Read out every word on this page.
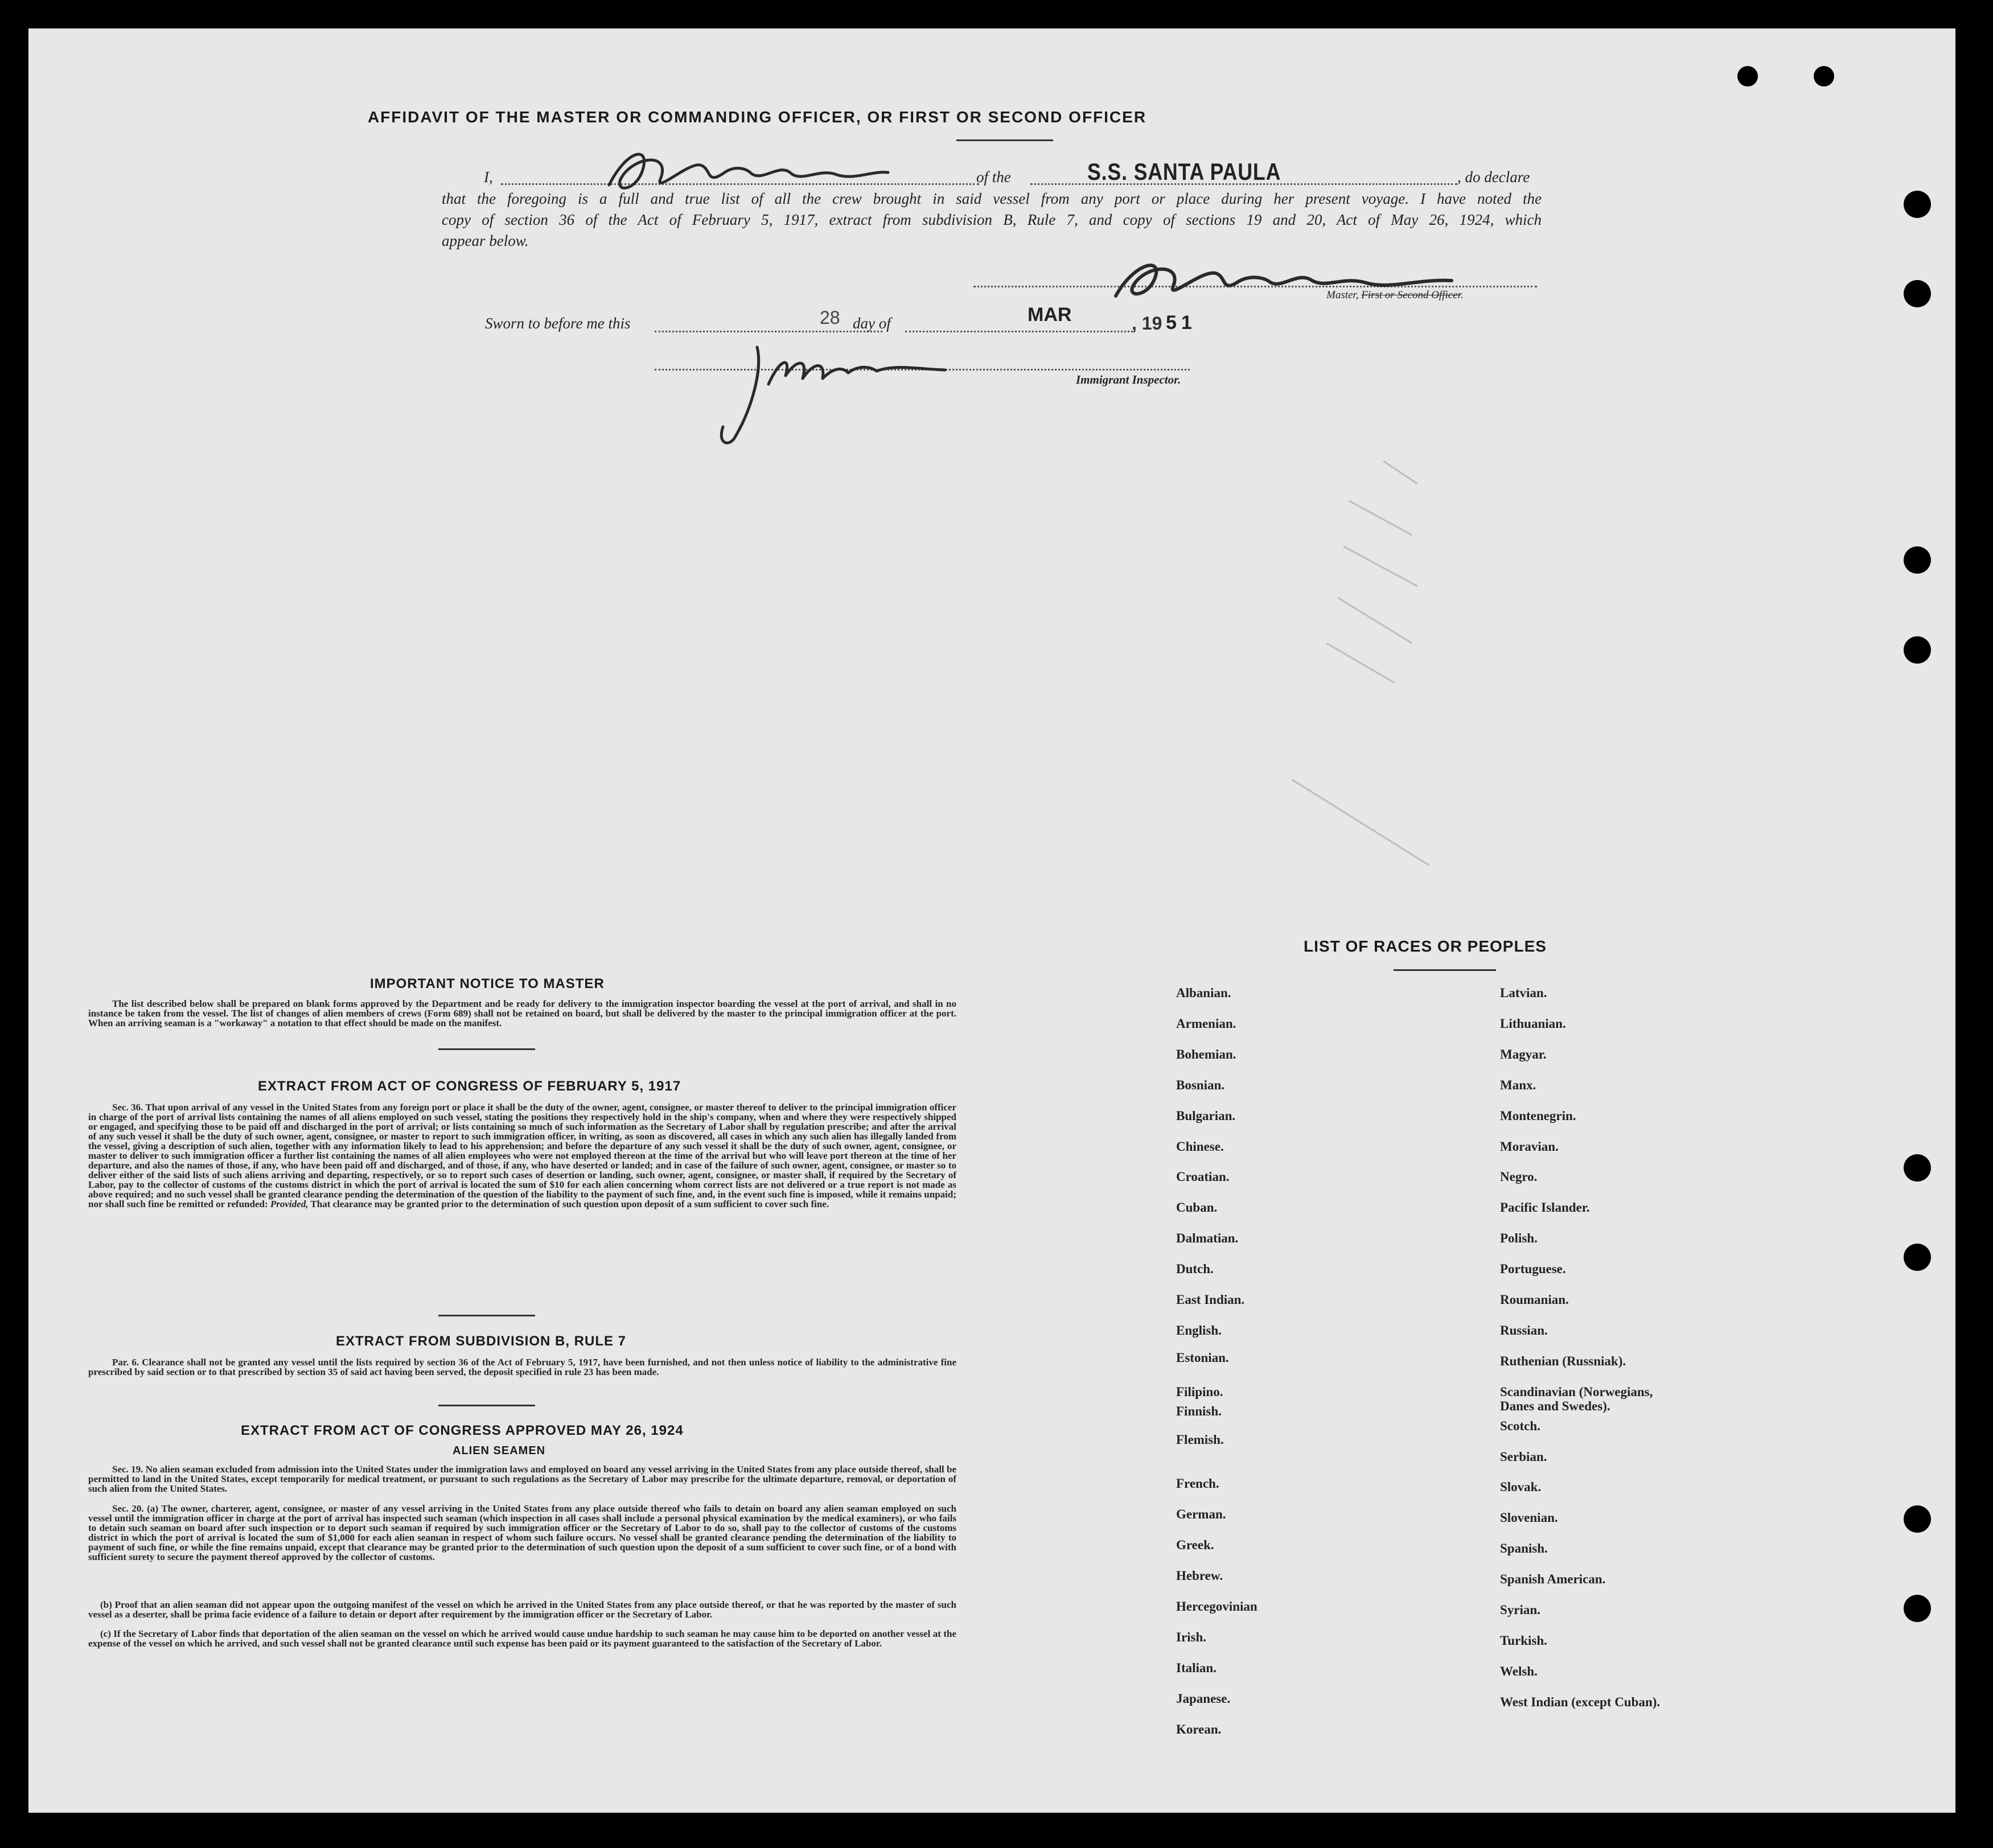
AFFIDAVIT OF THE MASTER OR COMMANDING OFFICER, OR FIRST OR SECOND OFFICER
I,	of the	S.S. SANTA PAULA	, do declare
that the foregoing is a full and true list of all the crew brought in said vessel from any port or place during her present voyage. I have noted the
copy of section 36 of the Act of February 5, 1917, extract from subdivision B, Rule 7, and copy of sections 19 and 20, Act of May 26, 1924, which
appear below.
Master, First or Second Officer.
Sworn to before me this	28 day of	MAR	, 19 51
Immigrant Inspector.
IMPORTANT NOTICE TO MASTER
The list described below shall be prepared on blank forms approved by the Department and be ready for delivery to the immigration inspector boarding the vessel at the port of arrival, and shall in no instance be taken from the vessel. The list of changes of alien members of crews (Form 689) shall not be retained on board, but shall be delivered by the master to the principal immigration officer at the port. When an arriving seaman is a "workaway" a notation to that effect should be made on the manifest.
EXTRACT FROM ACT OF CONGRESS OF FEBRUARY 5, 1917
Sec. 36. That upon arrival of any vessel in the United States from any foreign port or place it shall be the duty of the owner, agent, consignee, or master thereof to deliver to the principal immigration officer in charge of the port of arrival lists containing the names of all aliens employed on such vessel, stating the positions they respectively hold in the ship's company, when and where they were respectively shipped or engaged, and specifying those to be paid off and discharged in the port of arrival; or lists containing so much of such information as the Secretary of Labor shall by regulation prescribe; and after the arrival of any such vessel it shall be the duty of such owner, agent, consignee, or master to report to such immigration officer, in writing, as soon as discovered, all cases in which any such alien has illegally landed from the vessel, giving a description of such alien, together with any information likely to lead to his apprehension; and before the departure of any such vessel it shall be the duty of such owner, agent, consignee, or master to deliver to such immigration officer a further list containing the names of all alien employees who were not employed thereon at the time of the arrival but who will leave port thereon at the time of her departure, and also the names of those, if any, who have been paid off and discharged, and of those, if any, who have deserted or landed; and in case of the failure of such owner, agent, consignee, or master so to deliver either of the said lists of such aliens arriving and departing, respectively, or so to report such cases of desertion or landing, such owner, agent, consignee, or master shall, if required by the Secretary of Labor, pay to the collector of customs of the customs district in which the port of arrival is located the sum of $10 for each alien concerning whom correct lists are not delivered or a true report is not made as above required; and no such vessel shall be granted clearance pending the determination of the question of the liability to the payment of such fine, and, in the event such fine is imposed, while it remains unpaid; nor shall such fine be remitted or refunded: Provided, That clearance may be granted prior to the determination of such question upon deposit of a sum sufficient to cover such fine.
EXTRACT FROM SUBDIVISION B, RULE 7
Par. 6. Clearance shall not be granted any vessel until the lists required by section 36 of the Act of February 5, 1917, have been furnished, and not then unless notice of liability to the administrative fine prescribed by said section or to that prescribed by section 35 of said act having been served, the deposit specified in rule 23 has been made.
EXTRACT FROM ACT OF CONGRESS APPROVED MAY 26, 1924
ALIEN SEAMEN
Sec. 19. No alien seaman excluded from admission into the United States under the immigration laws and employed on board any vessel arriving in the United States from any place outside thereof, shall be permitted to land in the United States, except temporarily for medical treatment, or pursuant to such regulations as the Secretary of Labor may prescribe for the ultimate departure, removal, or deportation of such alien from the United States.
Sec. 20. (a) The owner, charterer, agent, consignee, or master of any vessel arriving in the United States from any place outside thereof who fails to detain on board any alien seaman employed on such vessel until the immigration officer in charge at the port of arrival has inspected such seaman (which inspection in all cases shall include a personal physical examination by the medical examiners), or who fails to detain such seaman on board after such inspection or to deport such seaman if required by such immigration officer or the Secretary of Labor to do so, shall pay to the collector of customs of the customs district in which the port of arrival is located the sum of $1,000 for each alien seaman in respect of whom such failure occurs. No vessel shall be granted clearance pending the determination of the liability to payment of such fine, or while the fine remains unpaid, except that clearance may be granted prior to the determination of such question upon the deposit of a sum sufficient to cover such fine, or of a bond with sufficient surety to secure the payment thereof approved by the collector of customs.
(b) Proof that an alien seaman did not appear upon the outgoing manifest of the vessel on which he arrived in the United States from any place outside thereof, or that he was reported by the master of such vessel as a deserter, shall be prima facie evidence of a failure to detain or deport after requirement by the immigration officer or the Secretary of Labor.
(c) If the Secretary of Labor finds that deportation of the alien seaman on the vessel on which he arrived would cause undue hardship to such seaman he may cause him to be deported on another vessel at the expense of the vessel on which he arrived, and such vessel shall not be granted clearance until such expense has been paid or its payment guaranteed to the satisfaction of the Secretary of Labor.
LIST OF RACES OR PEOPLES
Albanian.
Armenian.
Bohemian.
Bosnian.
Bulgarian.
Chinese.
Croatian.
Cuban.
Dalmatian.
Dutch.
East Indian.
English.
Estonian.
Filipino.
Finnish.
Flemish.
French.
German.
Greek.
Hebrew.
Hercegovinian
Irish.
Italian.
Japanese.
Korean.
Latvian.
Lithuanian.
Magyar.
Manx.
Montenegrin.
Moravian.
Negro.
Pacific Islander.
Polish.
Portuguese.
Roumanian.
Russian.
Ruthenian (Russniak).
Scandinavian (Norwegians,
Danes and Swedes).
Scotch.
Serbian.
Slovak.
Slovenian.
Spanish.
Spanish American.
Syrian.
Turkish.
Welsh.
West Indian (except Cuban).
